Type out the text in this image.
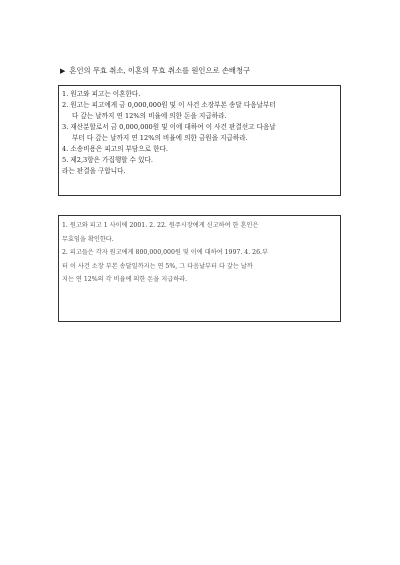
▶ 혼인의 무효 취소, 이혼의 무효 취소를 원인으로 손배청구
1. 원고와 피고는 이혼한다.
2. 원고는 피고에게 금 0,000,000원 및 이 사건 소장부본 송달 다음날부터
다 갚는 날까지 연 12%의 비율에 의한 돈을 지급하라.
3. 재산분할로서 금 0,000,000원 및 이에 대하여 이 사건 판결선고 다음날
부터 다 갚는 날까지 연 12%의 비율에 의한 금원을 지급하라.
4. 소송비용은 피고의 부담으로 한다.
5. 제2,3항은 가집행할 수 있다.
라는 판결을 구합니다.
1. 원고와 피고 1 사이에 2001. 2. 22. 원주시장에게 신고하여 한 혼인은
무효임을 확인한다.
2. 피고들은 각자 원고에게 800,000,000원 및 이에 대하여 1997. 4. 26.부
터 이 사건 소장 부본 송달일까지는 연 5%, 그 다음날부터 다 갚는 날까
지는 연 12%의 각 비율에 의한 돈을 지급하라.
